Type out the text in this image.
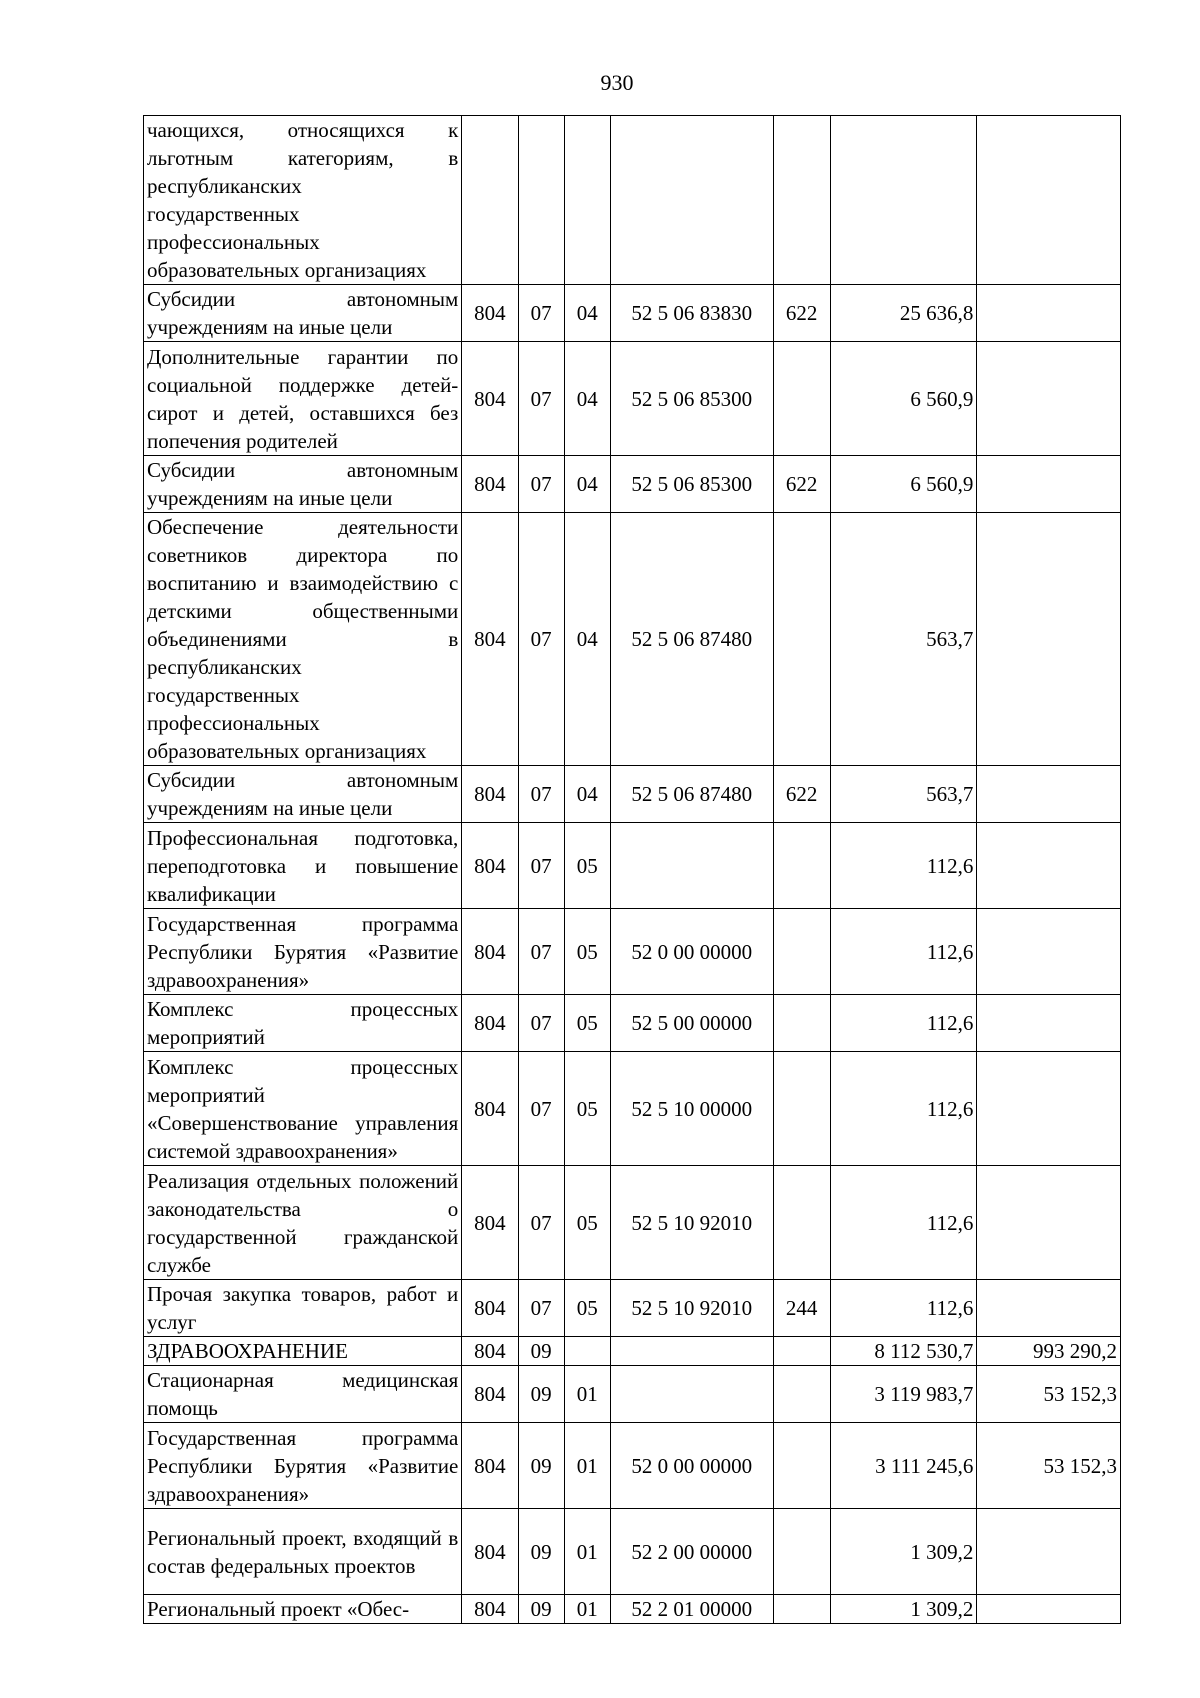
930
чающихся, относящихся к льготным категориям, в республиканских государственных профессиональных образовательных организациях							
Субсидии автономным учреждениям на иные цели	804	07	04	52 5 06 83830	622	25 636,8	
Дополнительные гарантии по социальной поддержке детей-сирот и детей, оставшихся без попечения родителей	804	07	04	52 5 06 85300		6 560,9	
Субсидии автономным учреждениям на иные цели	804	07	04	52 5 06 85300	622	6 560,9	
Обеспечение деятельности советников директора по воспитанию и взаимодействию с детскими общественными объединениями в республиканских государственных профессиональных образовательных организациях	804	07	04	52 5 06 87480		563,7	
Субсидии автономным учреждениям на иные цели	804	07	04	52 5 06 87480	622	563,7	
Профессиональная подготовка, переподготовка и повышение квалификации	804	07	05			112,6	
Государственная программа Республики Бурятия «Развитие здравоохранения»	804	07	05	52 0 00 00000		112,6	
Комплекс процессных мероприятий	804	07	05	52 5 00 00000		112,6	
Комплекс процессных мероприятий «Совершенствование управления системой здравоохранения»	804	07	05	52 5 10 00000		112,6	
Реализация отдельных положений законодательства о государственной гражданской службе	804	07	05	52 5 10 92010		112,6	
Прочая закупка товаров, работ и услуг	804	07	05	52 5 10 92010	244	112,6	
ЗДРАВООХРАНЕНИЕ	804	09				8 112 530,7	993 290,2
Стационарная медицинская помощь	804	09	01			3 119 983,7	53 152,3
Государственная программа Республики Бурятия «Развитие здравоохранения»	804	09	01	52 0 00 00000		3 111 245,6	53 152,3
Региональный проект, входящий в состав федеральных проектов	804	09	01	52 2 00 00000		1 309,2	
Региональный проект «Обес-	804	09	01	52 2 01 00000		1 309,2	
